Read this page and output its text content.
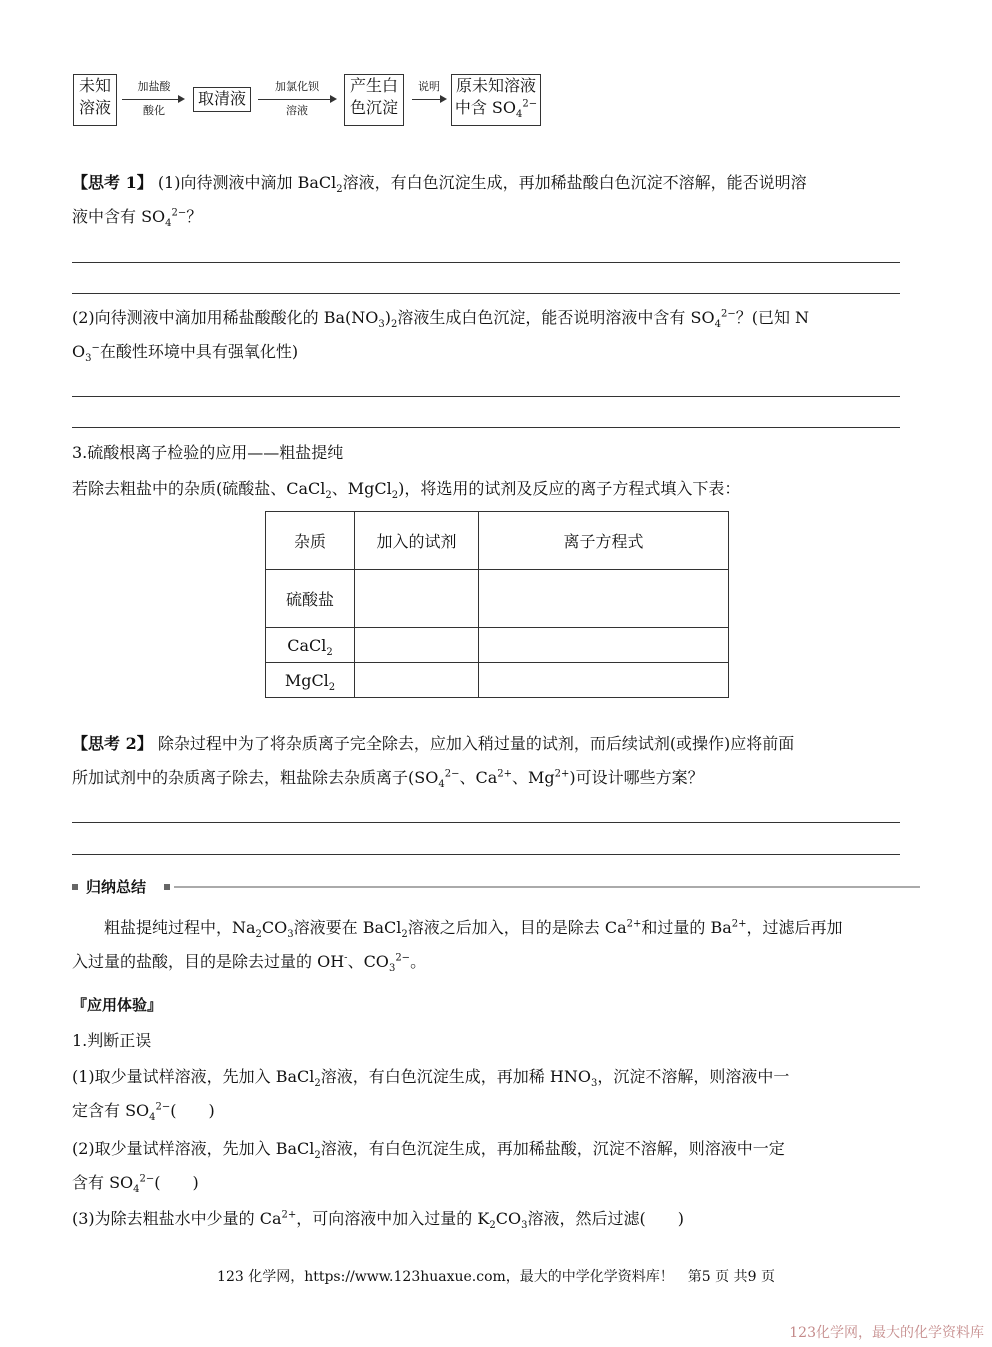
未知
溶液
加盐酸
酸化
取清液
加氯化钡
溶液
产生白
色沉淀
说明 原未知溶液
中含 $SO_4^{2-}$
【思考 1】 (1)向待测液中滴加 BaCl$_2$溶液，有白色沉淀生成，再加稀盐酸白色沉淀不溶解，能否说明溶
液中含有 $SO_4^{2-}$？
(2)向待测液中滴加用稀盐酸酸化的 $Ba(NO_3)_2$溶液生成白色沉淀，能否说明溶液中含有 $SO_4^{2-}$？(已知 N
$O_3^-$在酸性环境中具有强氧化性)
3.硫酸根离子检验的应用——粗盐提纯
若除去粗盐中的杂质(硫酸盐、CaCl$_2$、MgCl$_2$)，将选用的试剂及反应的离子方程式填入下表：
杂质	加入的试剂	离子方程式
硫酸盐		
CaCl$_2$		
MgCl$_2$		
【思考 2】 除杂过程中为了将杂质离子完全除去，应加入稍过量的试剂，而后续试剂(或操作)应将前面
所加试剂中的杂质离子除去，粗盐除去杂质离子($SO_4^{2-}$、$Ca^{2+}$、$Mg^{2+}$)可设计哪些方案？
归纳总结
粗盐提纯过程中，$Na_2CO_3$溶液要在 BaCl$_2$溶液之后加入，目的是除去 $Ca^{2+}$和过量的 $Ba^{2+}$，过滤后再加
入过量的盐酸，目的是除去过量的 OH-、$CO_3^{2-}$。
『应用体验』
1.判断正误
(1)取少量试样溶液，先加入 BaCl$_2$溶液，有白色沉淀生成，再加稀 $HNO_3$，沉淀不溶解，则溶液中一
定含有 $SO_4^{2-}$(　　)
(2)取少量试样溶液，先加入 BaCl$_2$溶液，有白色沉淀生成，再加稀盐酸，沉淀不溶解，则溶液中一定
含有 $SO_4^{2-}$(　　)
(3)为除去粗盐水中少量的 $Ca^{2+}$，可向溶液中加入过量的 $K_2CO_3$溶液，然后过滤(　　)
123 化学网，https://www.123huaxue.com，最大的中学化学资料库！　第5 页 共9 页
123化学网，最大的化学资料库
